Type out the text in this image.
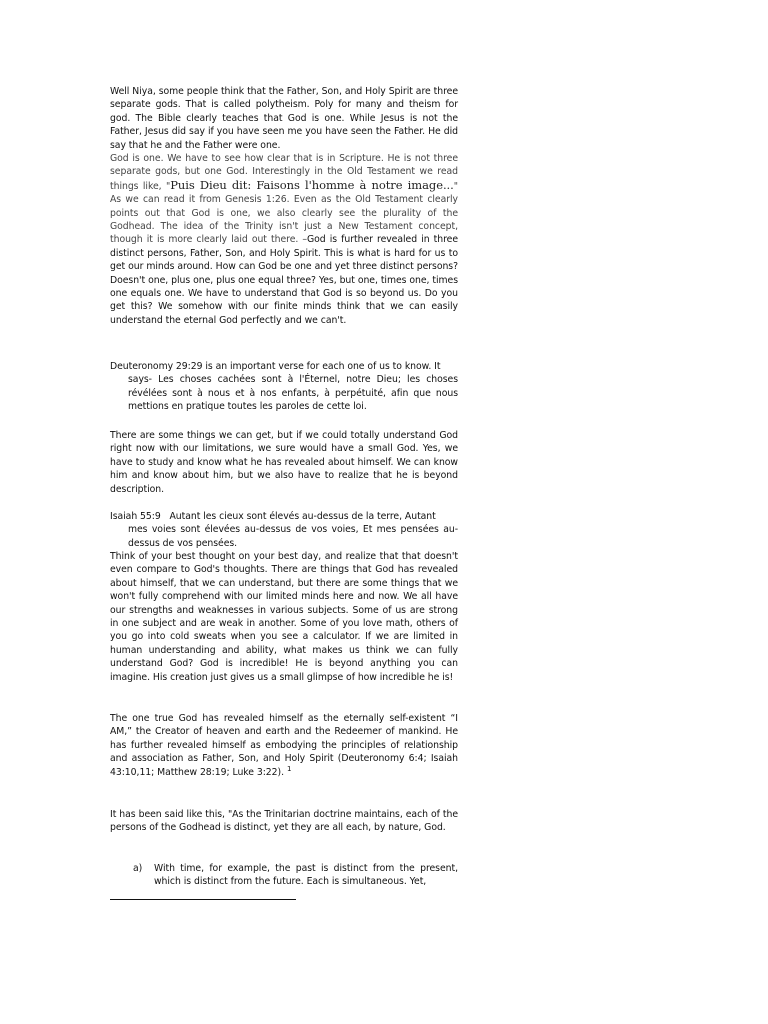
Well Niya, some people think that the Father, Son, and Holy Spirit are three separate gods. That is called polytheism. Poly for many and theism for god. The Bible clearly teaches that God is one. While Jesus is not the Father, Jesus did say if you have seen me you have seen the Father. He did say that he and the Father were one.

God is one. We have to see how clear that is in Scripture. He is not three separate gods, but one God. Interestingly in the Old Testament we read things like, "Puis Dieu dit: Faisons l'homme à notre image..." As we can read it from Genesis 1:26. Even as the Old Testament clearly points out that God is one, we also clearly see the plurality of the Godhead. The idea of the Trinity isn't just a New Testament concept, though it is more clearly laid out there. –God is further revealed in three distinct persons, Father, Son, and Holy Spirit. This is what is hard for us to get our minds around. How can God be one and yet three distinct persons? Doesn't one, plus one, plus one equal three? Yes, but one, times one, times one equals one. We have to understand that God is so beyond us. Do you get this? We somehow with our finite minds think that we can easily understand the eternal God perfectly and we can't.

Deuteronomy 29:29 is an important verse for each one of us to know. It
says- Les choses cachées sont à l'Éternel, notre Dieu; les choses révélées sont à nous et à nos enfants, à perpétuité, afin que nous mettions en pratique toutes les paroles de cette loi.

There are some things we can get, but if we could totally understand God right now with our limitations, we sure would have a small God. Yes, we have to study and know what he has revealed about himself. We can know him and know about him, but we also have to realize that he is beyond description.

Isaiah 55:9 Autant les cieux sont élevés au-dessus de la terre, Autant
mes voies sont élevées au-dessus de vos voies, Et mes pensées au-dessus de vos pensées.

Think of your best thought on your best day, and realize that that doesn't even compare to God's thoughts. There are things that God has revealed about himself, that we can understand, but there are some things that we won't fully comprehend with our limited minds here and now. We all have our strengths and weaknesses in various subjects. Some of us are strong in one subject and are weak in another. Some of you love math, others of you go into cold sweats when you see a calculator. If we are limited in human understanding and ability, what makes us think we can fully understand God? God is incredible! He is beyond anything you can imagine. His creation just gives us a small glimpse of how incredible he is!

The one true God has revealed himself as the eternally self-existent “I AM,” the Creator of heaven and earth and the Redeemer of mankind. He has further revealed himself as embodying the principles of relationship and association as Father, Son, and Holy Spirit (Deuteronomy 6:4; Isaiah 43:10,11; Matthew 28:19; Luke 3:22). $^1$

It has been said like this, "As the Trinitarian doctrine maintains, each of the persons of the Godhead is distinct, yet they are all each, by nature, God.

a)	With time, for example, the past is distinct from the present, which is distinct from the future. Each is simultaneous. Yet,
